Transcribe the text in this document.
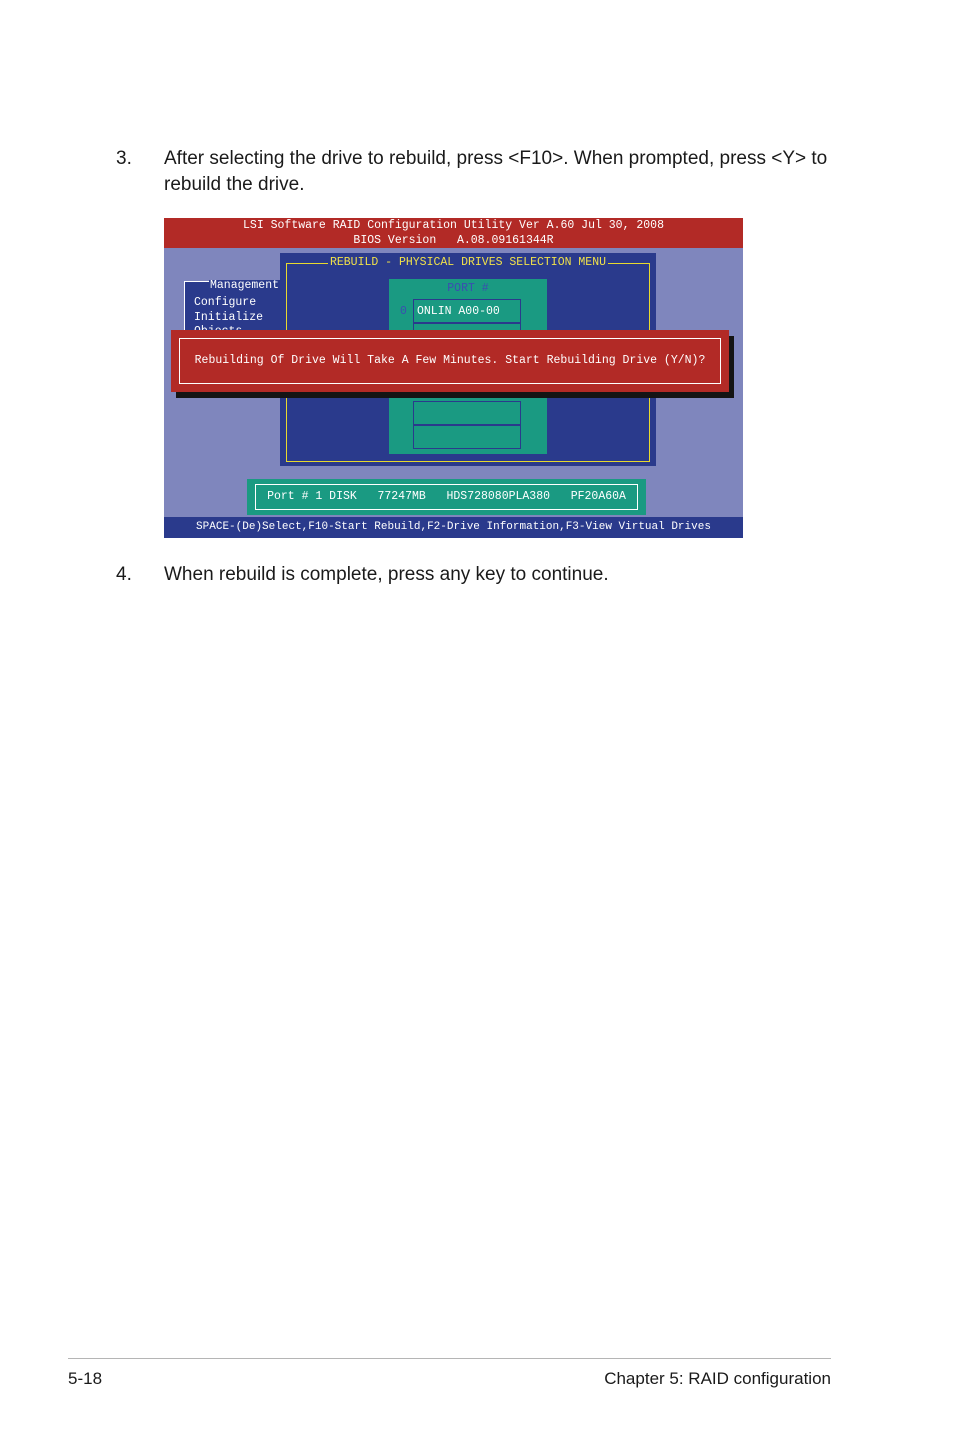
3. After selecting the drive to rebuild, press <F10>. When prompted, press <Y> to rebuild the drive.
LSI Software RAID Configuration Utility Ver A.60 Jul 30, 2008
BIOS Version   A.08.09161344R
Management
Configure
Initialize
REBUILD - PHYSICAL DRIVES SELECTION MENU
PORT #
0 ONLIN A00-00
Rebuilding Of Drive Will Take A Few Minutes. Start Rebuilding Drive (Y/N)?
Port # 1 DISK   77247MB   HDS728080PLA380   PF20A60A
SPACE-(De)Select,F10-Start Rebuild,F2-Drive Information,F3-View Virtual Drives
4. When rebuild is complete, press any key to continue.
5-18	Chapter 5: RAID configuration
